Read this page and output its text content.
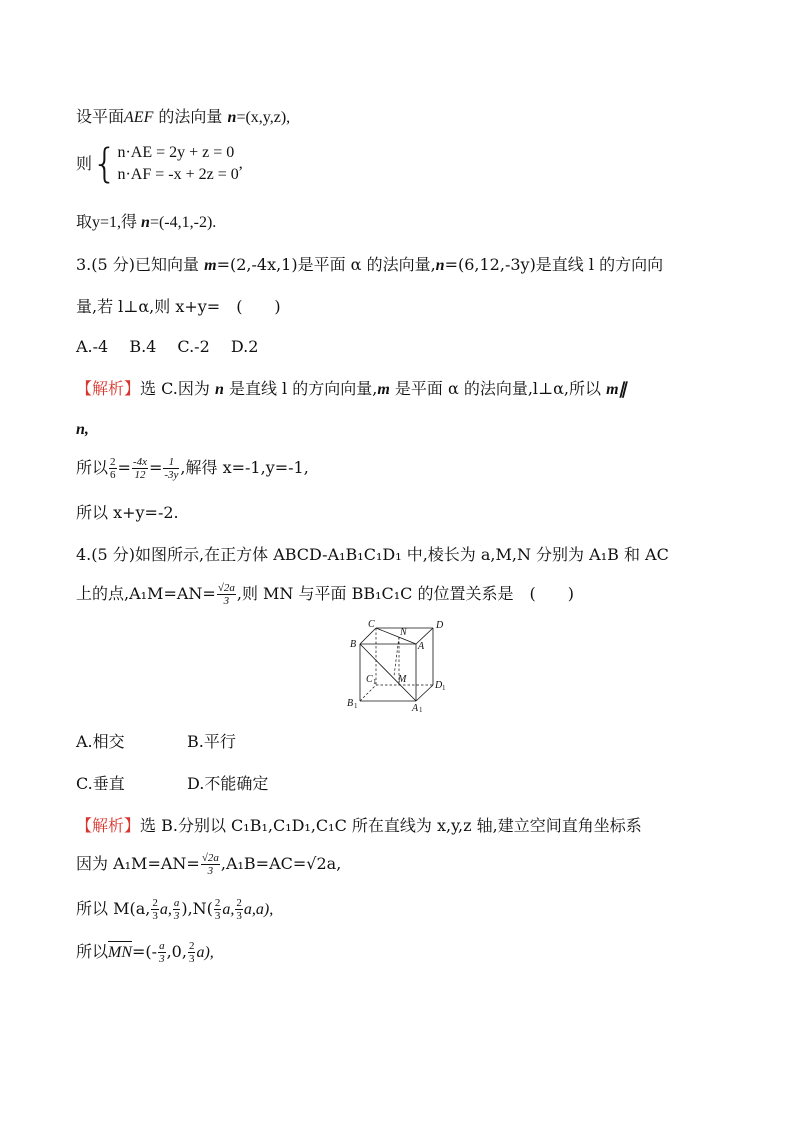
设平面AEF 的法向量 n=(x,y,z),
则{ n·AE = 2y + z = 0
n·AF = -x + 2z = 0
,
取y=1,得 n=(-4,1,-2).
3.(5 分)已知向量 m=(2,-4x,1)是平面 α 的法向量,n=(6,12,-3y)是直线 l 的方向向
量,若 l⊥α,则 x+y=　(　　)
A.-4　 B.4　 C.-2　 D.2
【解析】选 C.因为 n 是直线 l 的方向向量,m 是平面 α 的法向量,l⊥α,所以 m∥
n,
所以 $\frac{2}{6} = \frac{-4x}{12} = \frac{1}{-3y}$ ,解得 x=-1,y=-1,
所以 x+y=-2.
4.(5 分)如图所示,在正方体 ABCD-A₁B₁C₁D₁ 中,棱长为 a,M,N 分别为 A₁B 和 AC
上的点$,A_1M=AN= \frac{√2a}{3}$ ,则 MN 与平面 BB₁C₁C 的位置关系是　(　　)
C
N
D
B	A
C 1 M
D 1
B 1	A 1
A.相交	B.平行
C.垂直	D.不能确定
【解析】选 B.分别以 C₁B₁,C₁D₁,C₁C 所在直线为 x,y,z 轴,建立空间直角坐标系
因为 $A_1M=AN= \frac{√2a}{3} ,A_1B=AC=√2a$,
所以 M(a, $\frac{2}{3} a$, $\frac{a}{3} ),N( \frac{2}{3} a$, $\frac{2}{3} a,a$),
所以$MN=(- \frac{a}{3} ,0$, $\frac{2}{3} a$),
